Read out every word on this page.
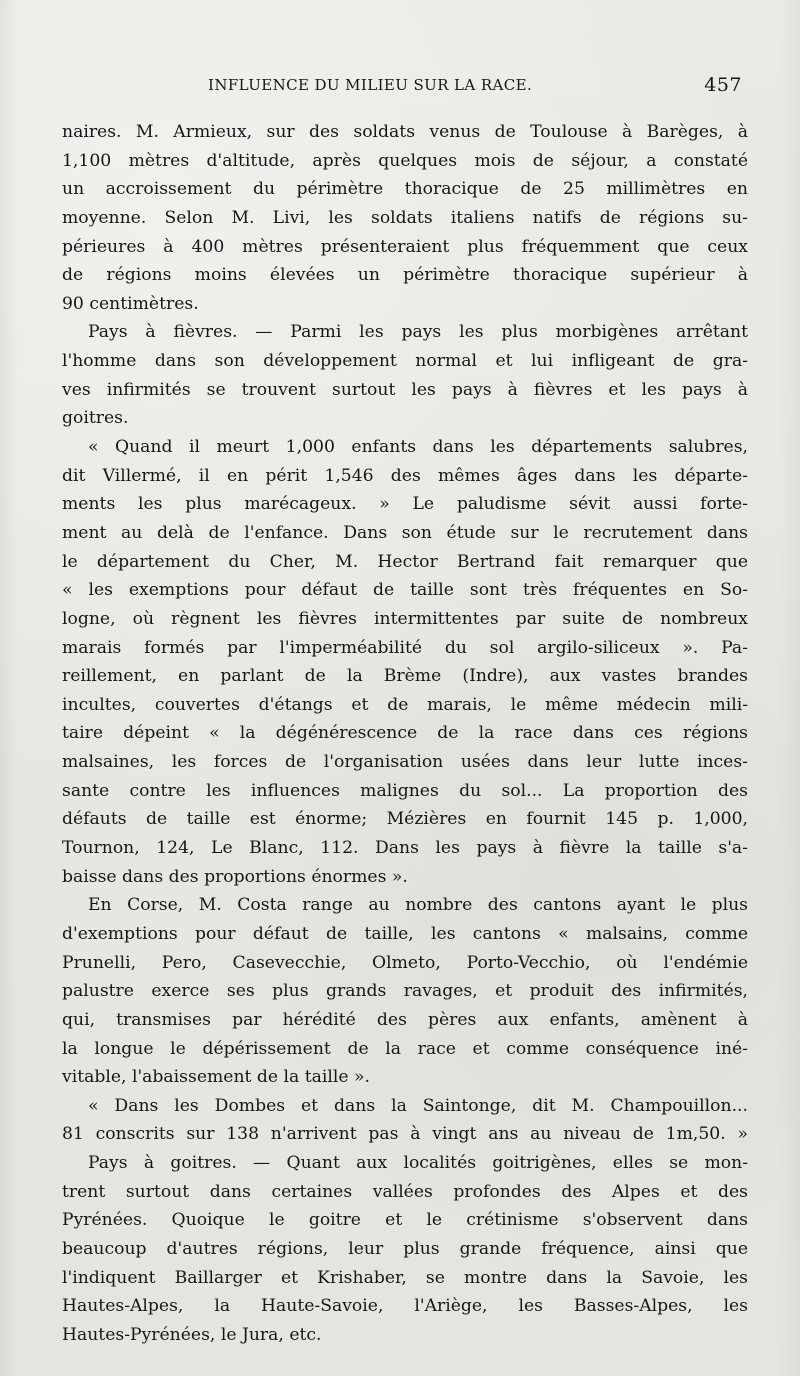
INFLUENCE DU MILIEU SUR LA RACE.	457
naires. M. Armieux, sur des soldats venus de Toulouse à Barèges, à
1,100 mètres d'altitude, après quelques mois de séjour, a constaté
un accroissement du périmètre thoracique de 25 millimètres en
moyenne. Selon M. Livi, les soldats italiens natifs de régions su-
périeures à 400 mètres présenteraient plus fréquemment que ceux
de régions moins élevées un périmètre thoracique supérieur à
90 centimètres.
Pays à fièvres. — Parmi les pays les plus morbigènes arrêtant
l'homme dans son développement normal et lui infligeant de gra-
ves infirmités se trouvent surtout les pays à fièvres et les pays à
goitres.
« Quand il meurt 1,000 enfants dans les départements salubres,
dit Villermé, il en périt 1,546 des mêmes âges dans les départe-
ments les plus marécageux. » Le paludisme sévit aussi forte-
ment au delà de l'enfance. Dans son étude sur le recrutement dans
le département du Cher, M. Hector Bertrand fait remarquer que
« les exemptions pour défaut de taille sont très fréquentes en So-
logne, où règnent les fièvres intermittentes par suite de nombreux
marais formés par l'imperméabilité du sol argilo-siliceux ». Pa-
reillement, en parlant de la Brème (Indre), aux vastes brandes
incultes, couvertes d'étangs et de marais, le même médecin mili-
taire dépeint « la dégénérescence de la race dans ces régions
malsaines, les forces de l'organisation usées dans leur lutte inces-
sante contre les influences malignes du sol... La proportion des
défauts de taille est énorme; Mézières en fournit 145 p. 1,000,
Tournon, 124, Le Blanc, 112. Dans les pays à fièvre la taille s'a-
baisse dans des proportions énormes ».
En Corse, M. Costa range au nombre des cantons ayant le plus
d'exemptions pour défaut de taille, les cantons « malsains, comme
Prunelli, Pero, Casevecchie, Olmeto, Porto-Vecchio, où l'endémie
palustre exerce ses plus grands ravages, et produit des infirmités,
qui, transmises par hérédité des pères aux enfants, amènent à
la longue le dépérissement de la race et comme conséquence iné-
vitable, l'abaissement de la taille ».
« Dans les Dombes et dans la Saintonge, dit M. Champouillon...
81 conscrits sur 138 n'arrivent pas à vingt ans au niveau de 1m,50. »
Pays à goitres. — Quant aux localités goitrigènes, elles se mon-
trent surtout dans certaines vallées profondes des Alpes et des
Pyrénées. Quoique le goitre et le crétinisme s'observent dans
beaucoup d'autres régions, leur plus grande fréquence, ainsi que
l'indiquent Baillarger et Krishaber, se montre dans la Savoie, les
Hautes-Alpes, la Haute-Savoie, l'Ariège, les Basses-Alpes, les
Hautes-Pyrénées, le Jura, etc.
